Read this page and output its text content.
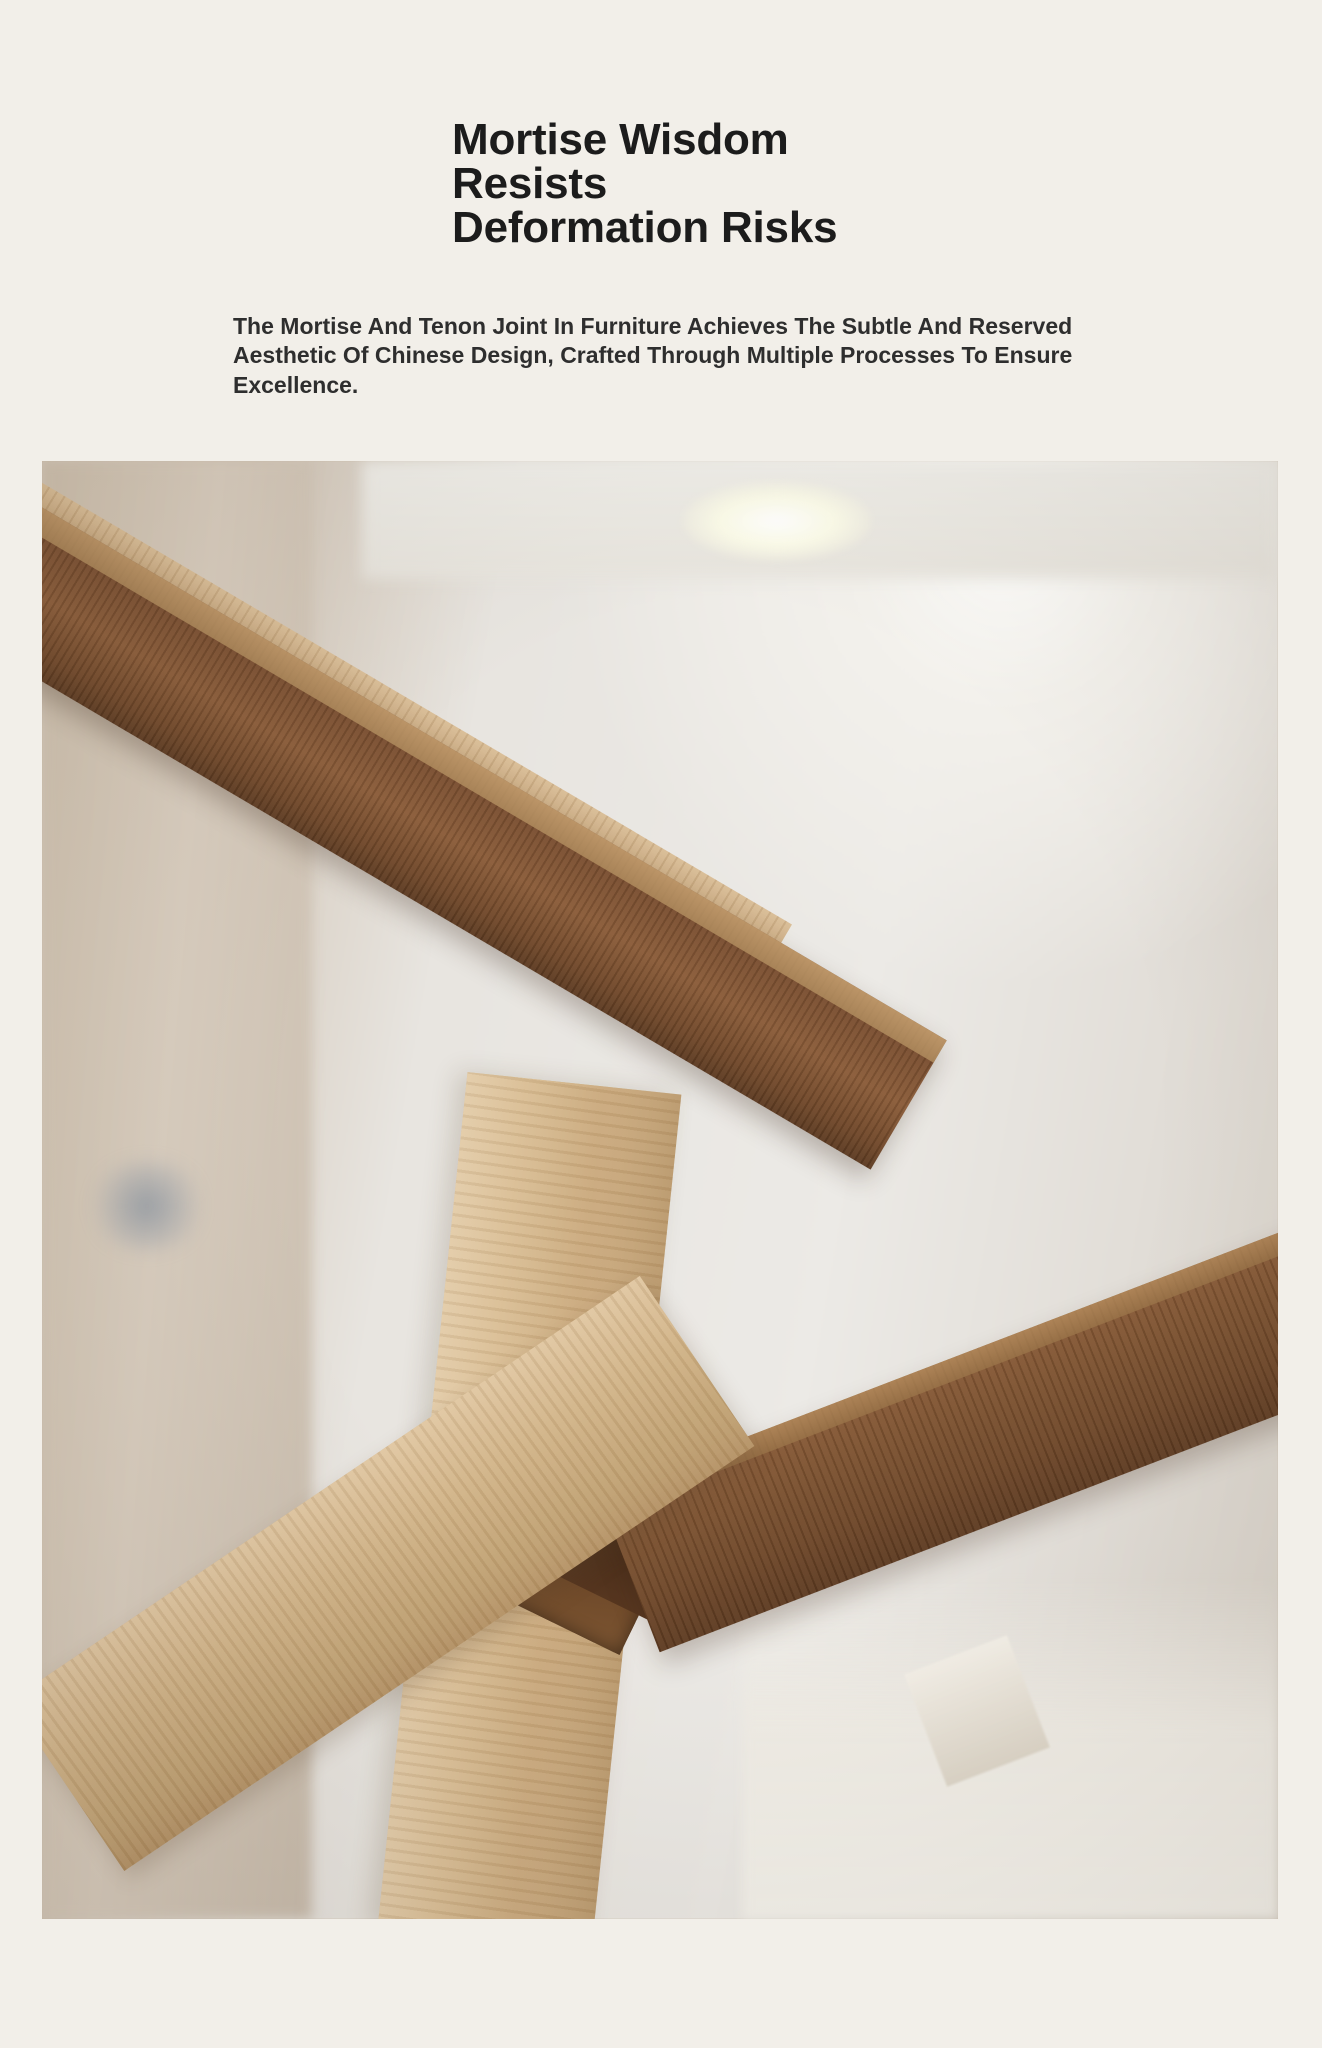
Mortise Wisdom Resists Deformation Risks

The Mortise And Tenon Joint In Furniture Achieves The Subtle And Reserved Aesthetic Of Chinese Design, Crafted Through Multiple Processes To Ensure Excellence.
